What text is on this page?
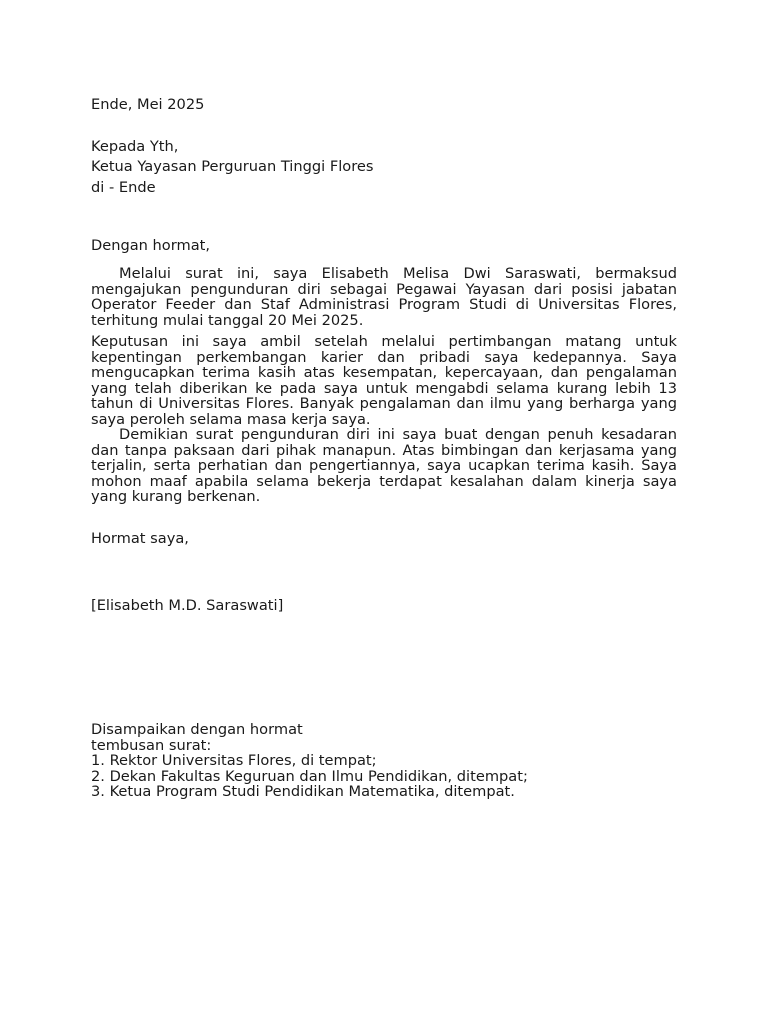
Ende, Mei 2025
Kepada Yth,
Ketua Yayasan Perguruan Tinggi Flores
di - Ende
Dengan hormat,
Melalui surat ini, saya Elisabeth Melisa Dwi Saraswati, bermaksud mengajukan pengunduran diri sebagai Pegawai Yayasan dari posisi jabatan Operator Feeder dan Staf Administrasi Program Studi di Universitas Flores, terhitung mulai tanggal 20 Mei 2025.
Keputusan ini saya ambil setelah melalui pertimbangan matang untuk kepentingan perkembangan karier dan pribadi saya kedepannya. Saya mengucapkan terima kasih atas kesempatan, kepercayaan, dan pengalaman yang telah diberikan ke pada saya untuk mengabdi selama kurang lebih 13 tahun di Universitas Flores. Banyak pengalaman dan ilmu yang berharga yang saya peroleh selama masa kerja saya.
Demikian surat pengunduran diri ini saya buat dengan penuh kesadaran dan tanpa paksaan dari pihak manapun. Atas bimbingan dan kerjasama yang terjalin, serta perhatian dan pengertiannya, saya ucapkan terima kasih. Saya mohon maaf apabila selama bekerja terdapat kesalahan dalam kinerja saya yang kurang berkenan.
Hormat saya,
[Elisabeth M.D. Saraswati]
Disampaikan dengan hormat
tembusan surat:
1. Rektor Universitas Flores, di tempat;
2. Dekan Fakultas Keguruan dan Ilmu Pendidikan, ditempat;
3. Ketua Program Studi Pendidikan Matematika, ditempat.
